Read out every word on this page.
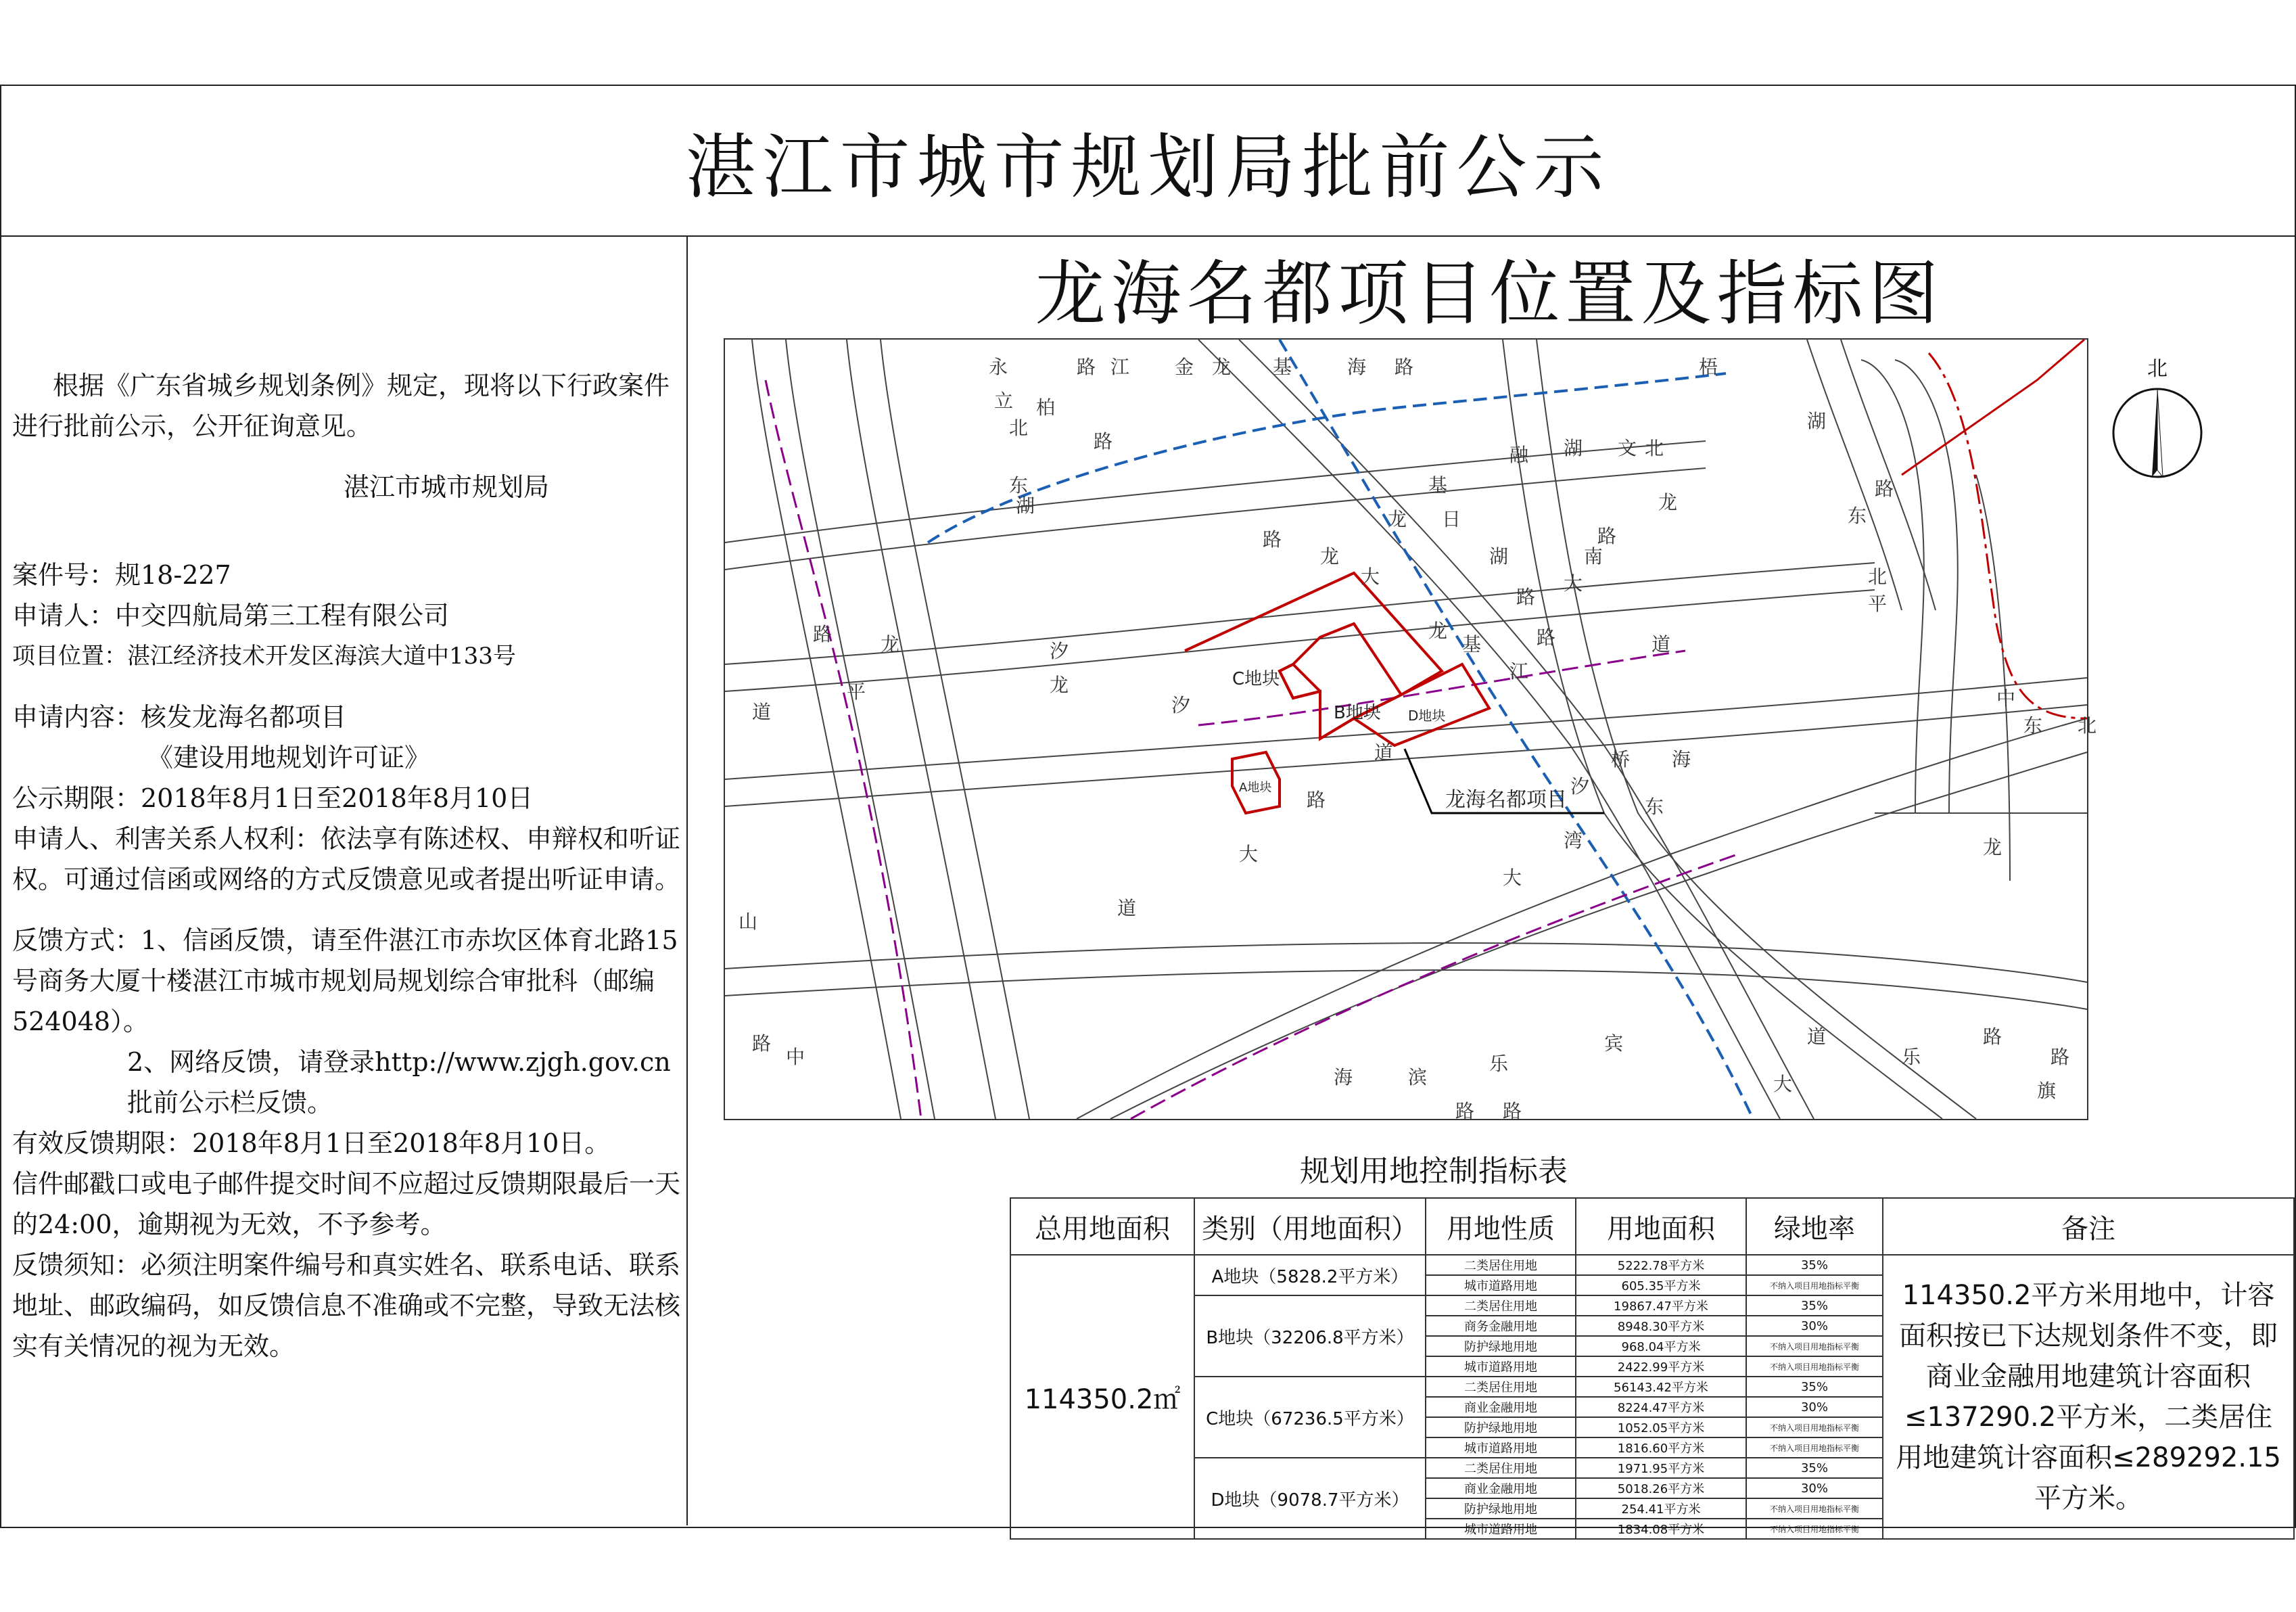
湛江市城市规划局批前公示
龙海名都项目位置及指标图

根据《广东省城乡规划条例》规定，现将以下行政案件进行批前公示，公开征询意见。

湛江市城市规划局

案件号：规18-227

申请人：中交四航局第三工程有限公司

项目位置：湛江经济技术开发区海滨大道中133号

申请内容：核发龙海名都项目

《建设用地规划许可证》

公示期限：2018年8月1日至2018年8月10日

申请人、利害关系人权利：依法享有陈述权、申辩权和听证权。可通过信函或网络的方式反馈意见或者提出听证申请。

反馈方式：1、信函反馈，请至件湛江市赤坎区体育北路15号商务大厦十楼湛江市城市规划局规划综合审批科（邮编524048）。

2、网络反馈，请登录http://www.zjgh.gov.cn批前公示栏反馈。

有效反馈期限：2018年8月1日至2018年8月10日。

信件邮戳口或电子邮件提交时间不应超过反馈期限最后一天的24:00，逾期视为无效，不予参考。

反馈须知：必须注明案件编号和真实姓名、联系电话、联系地址、邮政编码，如反馈信息不准确或不完整，导致无法核实有关情况的视为无效。

C地块
B地块 D地块
A地块
龙海名都项目
永
立
北
柏
路
路
东
湖
江 金 龙 基
路
海 路
龙
基
日
融 湖 文 北
路
南
龙
梧
湖
路
东
龙
大
龙
基
江
路
大
道
路
湖
龙
平
路
汐
龙
汐
道
路
平
北
汐
东
大
桥 海
湾
道
北
中
龙
东
大
道
路
中
山
海	滨
乐
路 路
宾
大
道
乐
路
旗
路
北
规划用地控制指标表
总用地面积	类别（用地面积）	用地性质	用地面积	绿地率	备注
114350.2㎡	A地块（5828.2平方米）	二类居住用地	5222.78平方米	35%	114350.2平方米用地中，计容面积按已下达规划条件不变，即商业金融用地建筑计容面积≤137290.2平方米，二类居住用地建筑计容面积≤289292.15平方米。
		城市道路用地	605.35平方米	不纳入项目用地指标平衡	
	B地块（32206.8平方米）	二类居住用地	19867.47平方米	35%	
		商务金融用地	8948.30平方米	30%	
		防护绿地用地	968.04平方米	不纳入项目用地指标平衡	
		城市道路用地	2422.99平方米	不纳入项目用地指标平衡	
	C地块（67236.5平方米）	二类居住用地	56143.42平方米	35%	
		商业金融用地	8224.47平方米	30%	
		防护绿地用地	1052.05平方米	不纳入项目用地指标平衡	
		城市道路用地	1816.60平方米	不纳入项目用地指标平衡	
	D地块（9078.7平方米）	二类居住用地	1971.95平方米	35%	
		商业金融用地	5018.26平方米	30%	
		防护绿地用地	254.41平方米	不纳入项目用地指标平衡	
		城市道路用地	1834.08平方米	不纳入项目用地指标平衡	
